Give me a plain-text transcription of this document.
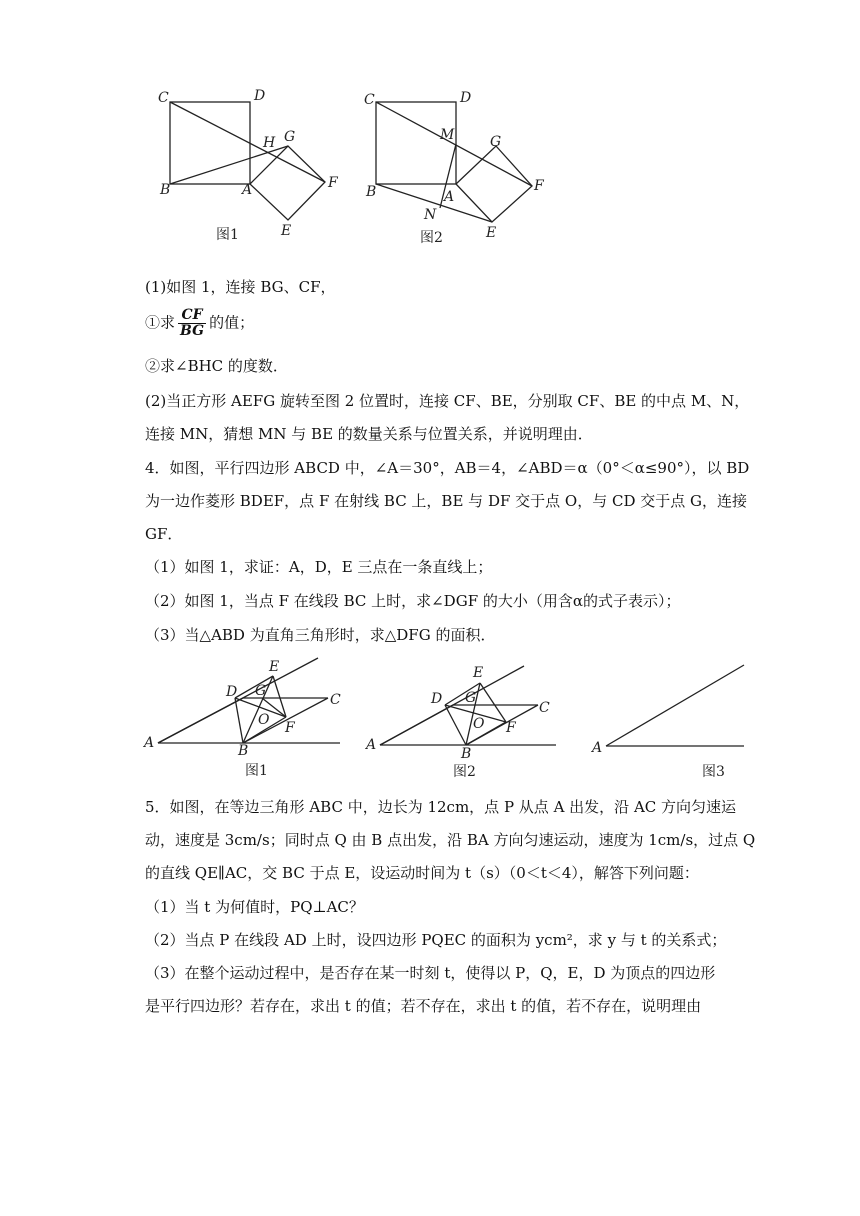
C	D
H G
B	A	F
E
图1
C	D
M	G
B	A
F
N
E
图2
(1)如图 1，连接 BG、CF，
①求 $\frac{CF}{BG}$ 的值；
②求∠BHC 的度数．
(2)当正方形 AEFG 旋转至图 2 位置时，连接 CF、BE，分别取 CF、BE 的中点 M、N，
连接 MN，猜想 MN 与 BE 的数量关系与位置关系，并说明理由．
4．如图，平行四边形 ABCD 中，∠A＝30°，AB＝4，∠ABD＝α（0°＜α≤90°），以 BD
为一边作菱形 BDEF，点 F 在射线 BC 上，BE 与 DF 交于点 O，与 CD 交于点 G，连接
GF．
（1）如图 1，求证：A，D，E 三点在一条直线上；
（2）如图 1，当点 F 在线段 BC 上时，求∠DGF 的大小（用含α的式子表示）；
（3）当△ABD 为直角三角形时，求△DFG 的面积．
E
D G
C
O F
A	B
图1
E
D G
C
O F
A
B
图2
A
图3
5．如图，在等边三角形 ABC 中，边长为 12cm，点 P 从点 A 出发，沿 AC 方向匀速运
动，速度是 3cm/s；同时点 Q 由 B 点出发，沿 BA 方向匀速运动，速度为 1cm/s，过点 Q
的直线 QE∥AC，交 BC 于点 E，设运动时间为 t（s）（0＜t＜4），解答下列问题：
（1）当 t 为何值时，PQ⊥AC？
（2）当点 P 在线段 AD 上时，设四边形 PQEC 的面积为 ycm²，求 y 与 t 的关系式；
（3）在整个运动过程中，是否存在某一时刻 t，使得以 P，Q，E，D 为顶点的四边形
是平行四边形？若存在，求出 t 的值；若不存在，求出 t 的值，若不存在，说明理由
